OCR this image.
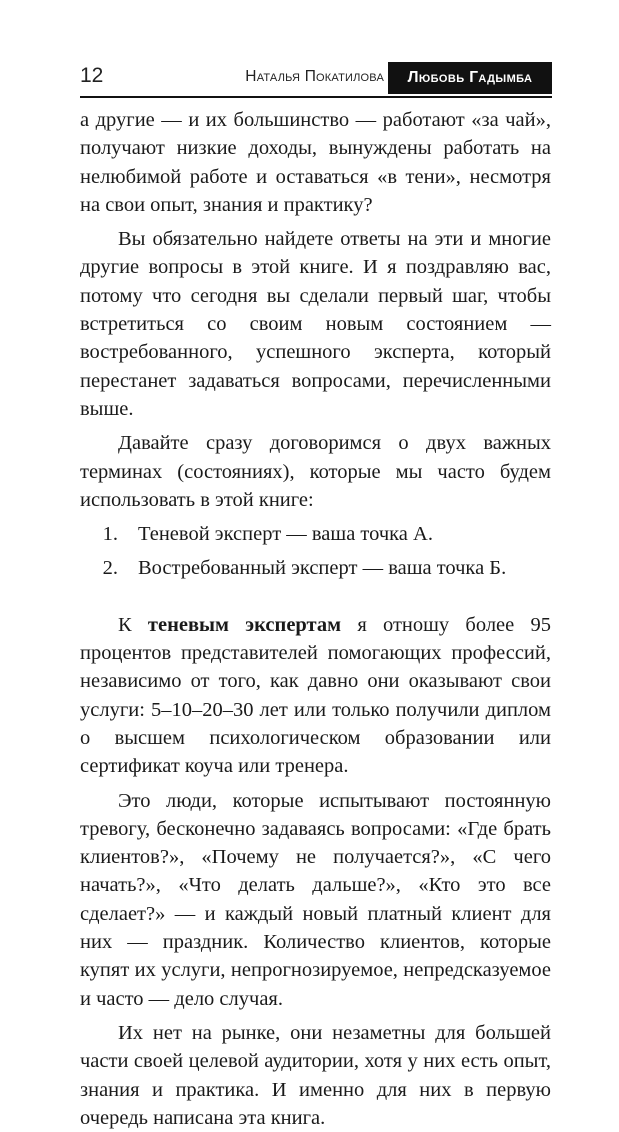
12	Наталья Покатилова	Любовь Гадымба

а другие — и их большинство — работают «за чай», получают низкие доходы, вынуждены работать на нелюбимой работе и оставаться «в тени», несмотря на свои опыт, знания и практику?

Вы обязательно найдете ответы на эти и многие другие вопросы в этой книге. И я поздравляю вас, потому что сегодня вы сделали первый шаг, чтобы встретиться со своим новым состоянием — востребованного, успешного эксперта, который перестанет задаваться вопросами, перечисленными выше.

Давайте сразу договоримся о двух важных терминах (состояниях), которые мы часто будем использовать в этой книге:

1. Теневой эксперт — ваша точка А.
2. Востребованный эксперт — ваша точка Б.

К теневым экспертам я отношу более 95 процентов представителей помогающих профессий, независимо от того, как давно они оказывают свои услуги: 5–10–20–30 лет или только получили диплом о высшем психологическом образовании или сертификат коуча или тренера.

Это люди, которые испытывают постоянную тревогу, бесконечно задаваясь вопросами: «Где брать клиентов?», «Почему не получается?», «С чего начать?», «Что делать дальше?», «Кто это все сделает?» — и каждый новый платный клиент для них — праздник. Количество клиентов, которые купят их услуги, непрогнозируемое, непредсказуемое и часто — дело случая.

Их нет на рынке, они незаметны для большей части своей целевой аудитории, хотя у них есть опыт, знания и практика. И именно для них в первую очередь написана эта книга.
